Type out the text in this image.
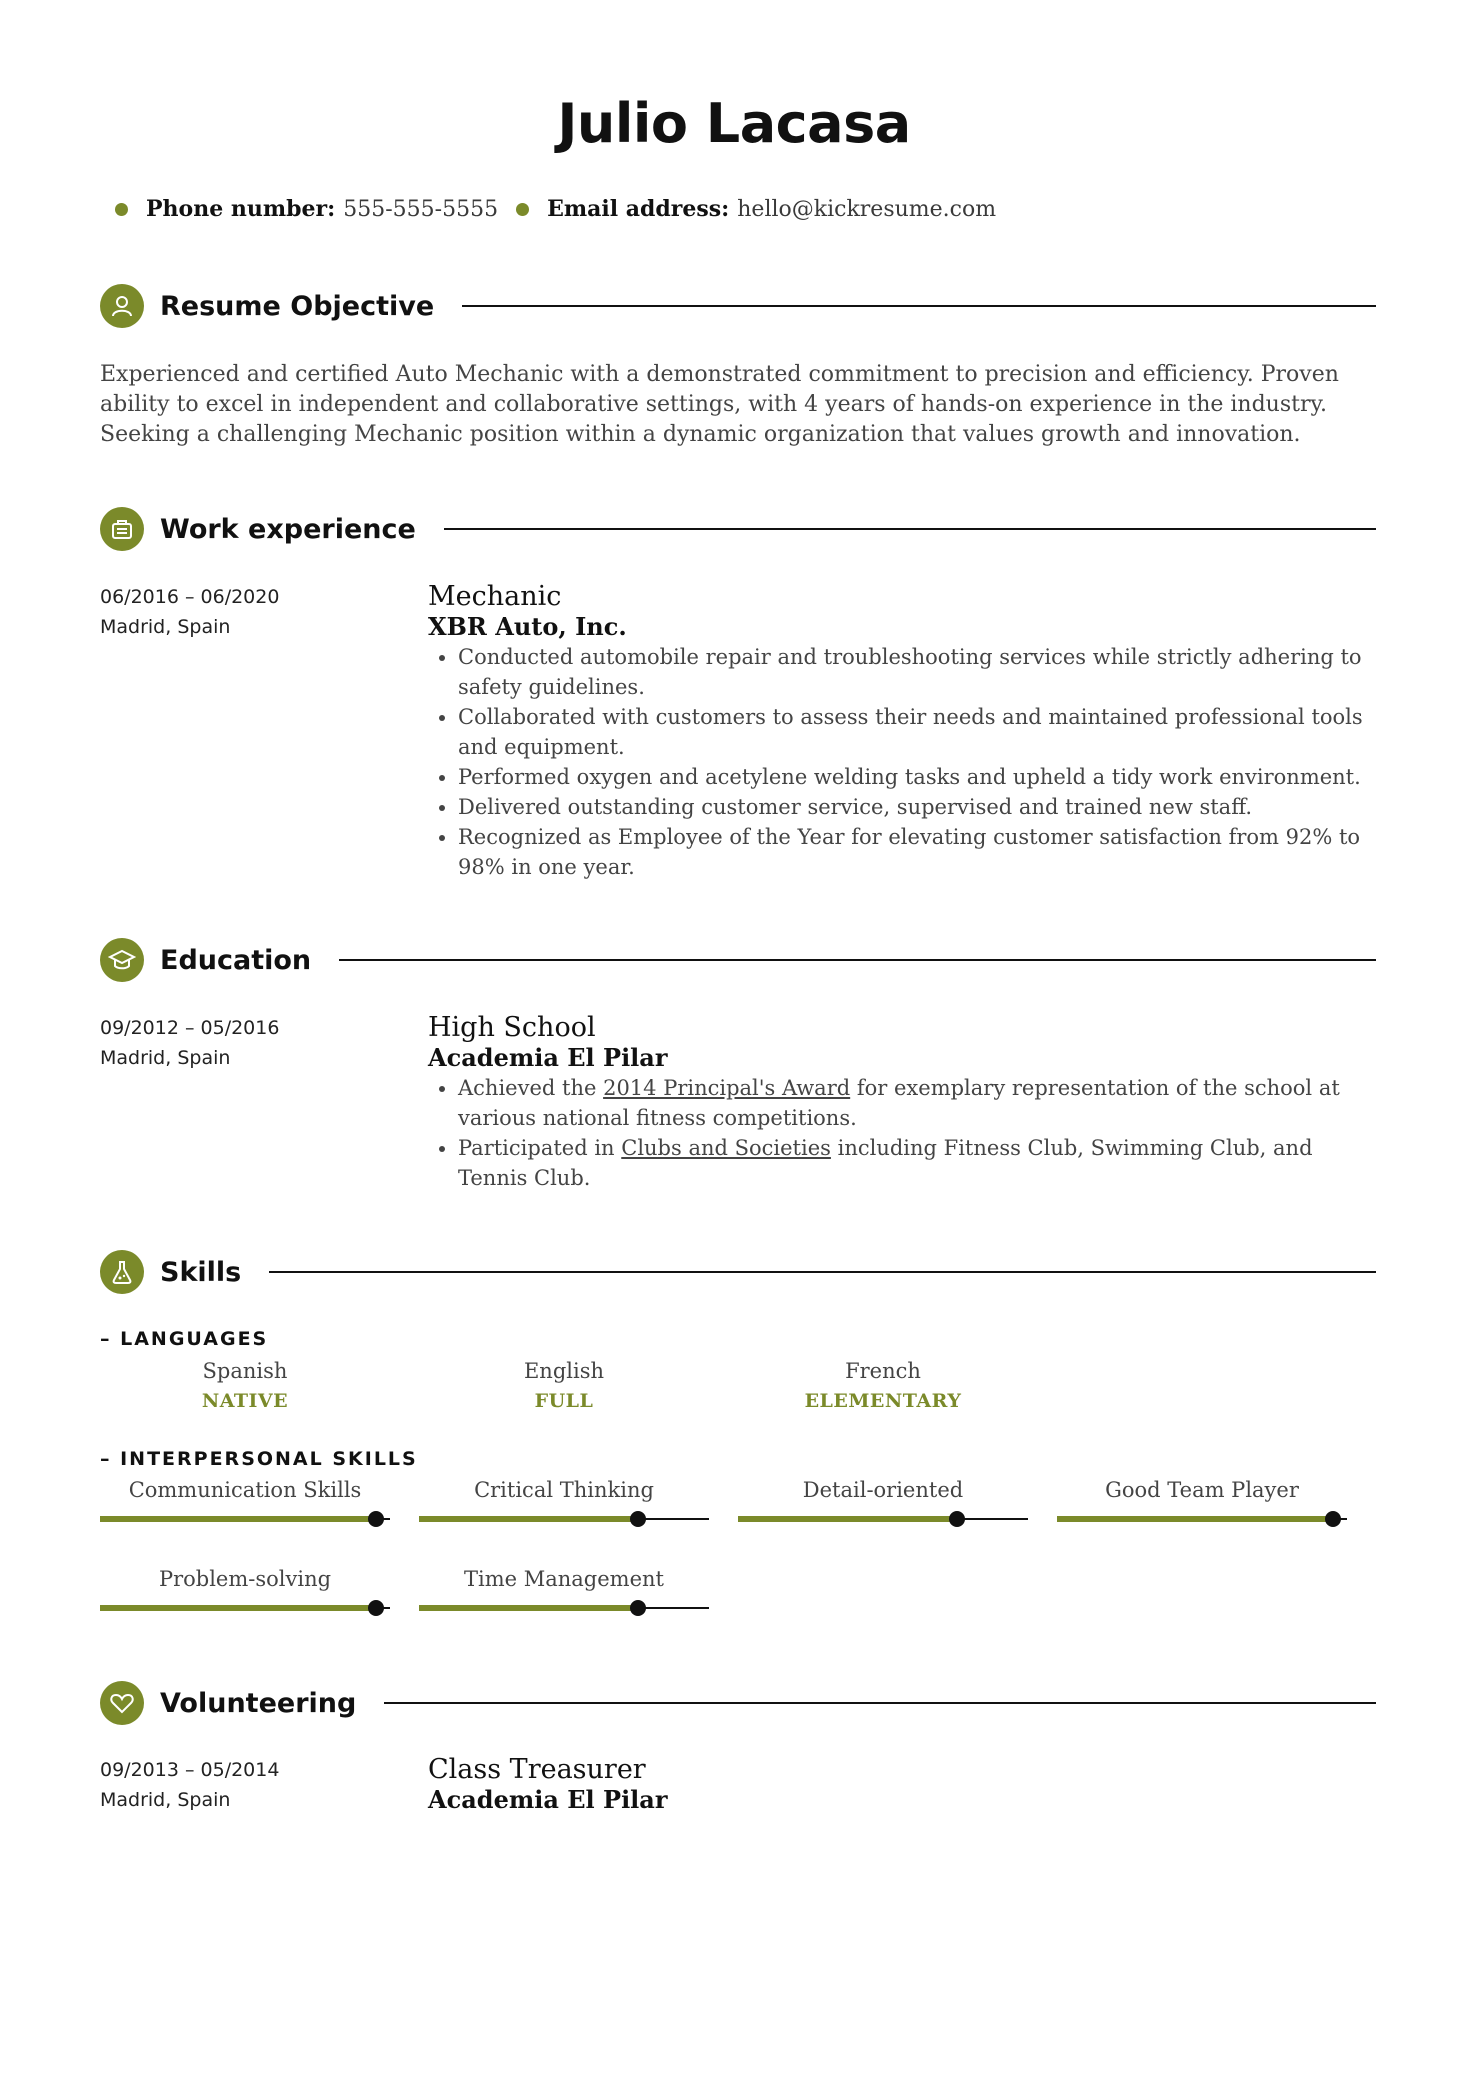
Julio Lacasa
Phone number: 555-555-5555 Email address: hello@kickresume.com
Resume Objective
Experienced and certified Auto Mechanic with a demonstrated commitment to precision and efficiency. Proven ability to excel in independent and collaborative settings, with 4 years of hands-on experience in the industry. Seeking a challenging Mechanic position within a dynamic organization that values growth and innovation.
Work experience
06/2016 – 06/2020
Madrid, Spain
Mechanic
XBR Auto, Inc.
• Conducted automobile repair and troubleshooting services while strictly adhering to safety guidelines.
• Collaborated with customers to assess their needs and maintained professional tools and equipment.
• Performed oxygen and acetylene welding tasks and upheld a tidy work environment.
• Delivered outstanding customer service, supervised and trained new staff.
• Recognized as Employee of the Year for elevating customer satisfaction from 92% to 98% in one year.
Education
09/2012 – 05/2016
Madrid, Spain
High School
Academia El Pilar
• Achieved the 2014 Principal's Award for exemplary representation of the school at various national fitness competitions.
• Participated in Clubs and Societies including Fitness Club, Swimming Club, and Tennis Club.
Skills
– LANGUAGES
Spanish
NATIVE
English
FULL
French
ELEMENTARY
– INTERPERSONAL SKILLS
Communication Skills	Critical Thinking	Detail-oriented	Good Team Player
Problem-solving	Time Management
Volunteering
09/2013 – 05/2014
Madrid, Spain
Class Treasurer
Academia El Pilar
